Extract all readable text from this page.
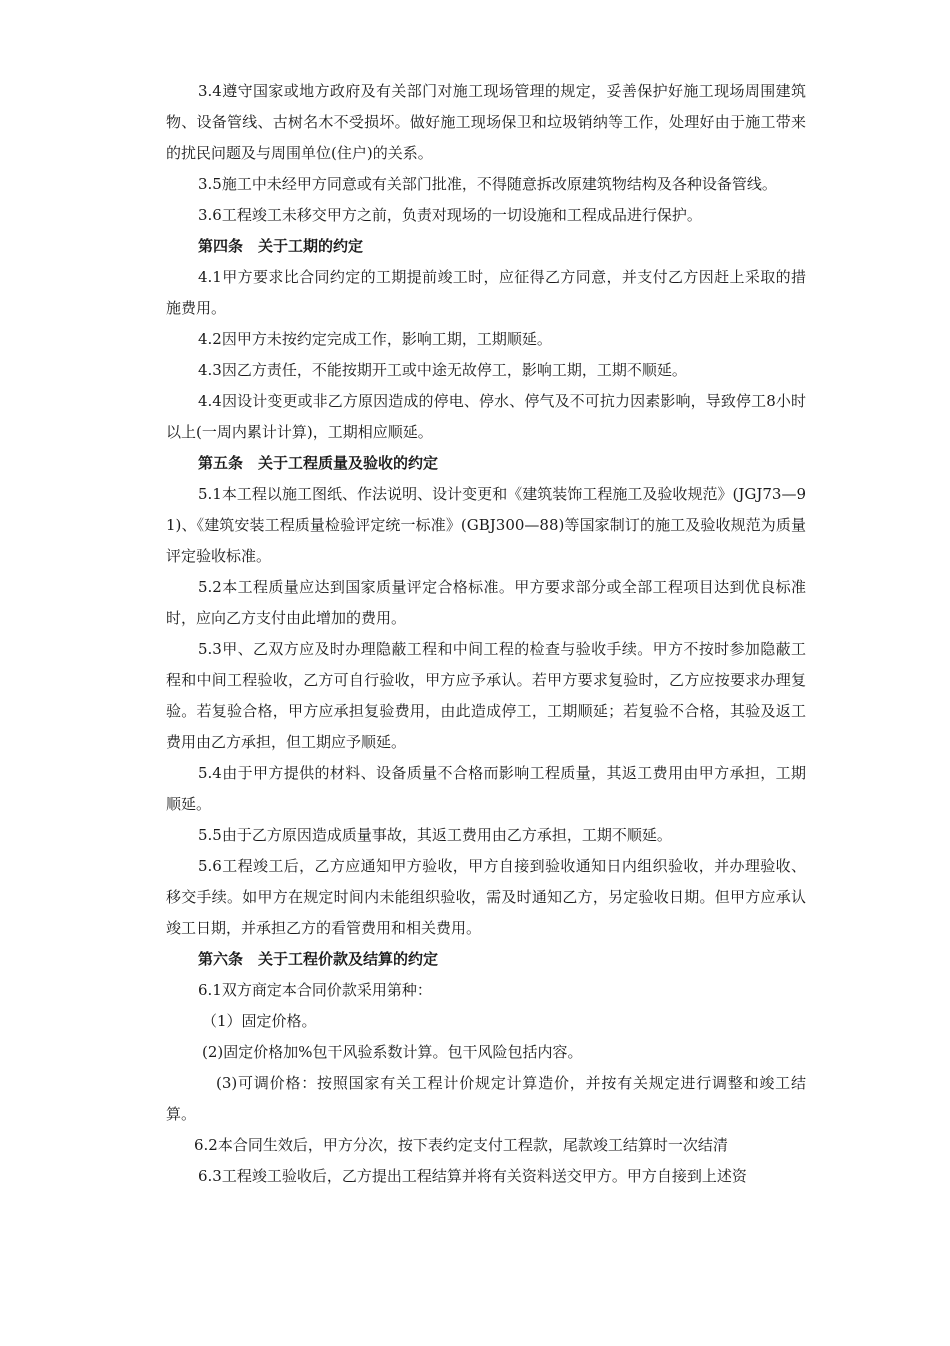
3.4遵守国家或地方政府及有关部门对施工现场管理的规定，妥善保护好施工现场周围建筑物、设备管线、古树名木不受损坏。做好施工现场保卫和垃圾销纳等工作，处理好由于施工带来的扰民问题及与周围单位(住户)的关系。

3.5施工中未经甲方同意或有关部门批准，不得随意拆改原建筑物结构及各种设备管线。

3.6工程竣工未移交甲方之前，负责对现场的一切设施和工程成品进行保护。

第四条　关于工期的约定

4.1甲方要求比合同约定的工期提前竣工时，应征得乙方同意，并支付乙方因赶上采取的措施费用。

4.2因甲方未按约定完成工作，影响工期，工期顺延。

4.3因乙方责任，不能按期开工或中途无故停工，影响工期，工期不顺延。

4.4因设计变更或非乙方原因造成的停电、停水、停气及不可抗力因素影响，导致停工8小时以上(一周内累计计算)，工期相应顺延。

第五条　关于工程质量及验收的约定

5.1本工程以施工图纸、作法说明、设计变更和《建筑装饰工程施工及验收规范》(JGJ73—91)、《建筑安装工程质量检验评定统一标准》(GBJ300—88)等国家制订的施工及验收规范为质量评定验收标准。

5.2本工程质量应达到国家质量评定合格标准。甲方要求部分或全部工程项目达到优良标准时，应向乙方支付由此增加的费用。

5.3甲、乙双方应及时办理隐蔽工程和中间工程的检查与验收手续。甲方不按时参加隐蔽工程和中间工程验收，乙方可自行验收，甲方应予承认。若甲方要求复验时，乙方应按要求办理复验。若复验合格，甲方应承担复验费用，由此造成停工，工期顺延；若复验不合格，其验及返工费用由乙方承担，但工期应予顺延。

5.4由于甲方提供的材料、设备质量不合格而影响工程质量，其返工费用由甲方承担，工期顺延。

5.5由于乙方原因造成质量事故，其返工费用由乙方承担，工期不顺延。

5.6工程竣工后，乙方应通知甲方验收，甲方自接到验收通知日内组织验收，并办理验收、移交手续。如甲方在规定时间内未能组织验收，需及时通知乙方，另定验收日期。但甲方应承认竣工日期，并承担乙方的看管费用和相关费用。

第六条　关于工程价款及结算的约定

6.1双方商定本合同价款采用第种：

（1）固定价格。

(2)固定价格加%包干风验系数计算。包干风险包括内容。

(3)可调价格：按照国家有关工程计价规定计算造价，并按有关规定进行调整和竣工结算。

6.2本合同生效后，甲方分次，按下表约定支付工程款，尾款竣工结算时一次结清

6.3工程竣工验收后，乙方提出工程结算并将有关资料送交甲方。甲方自接到上述资
